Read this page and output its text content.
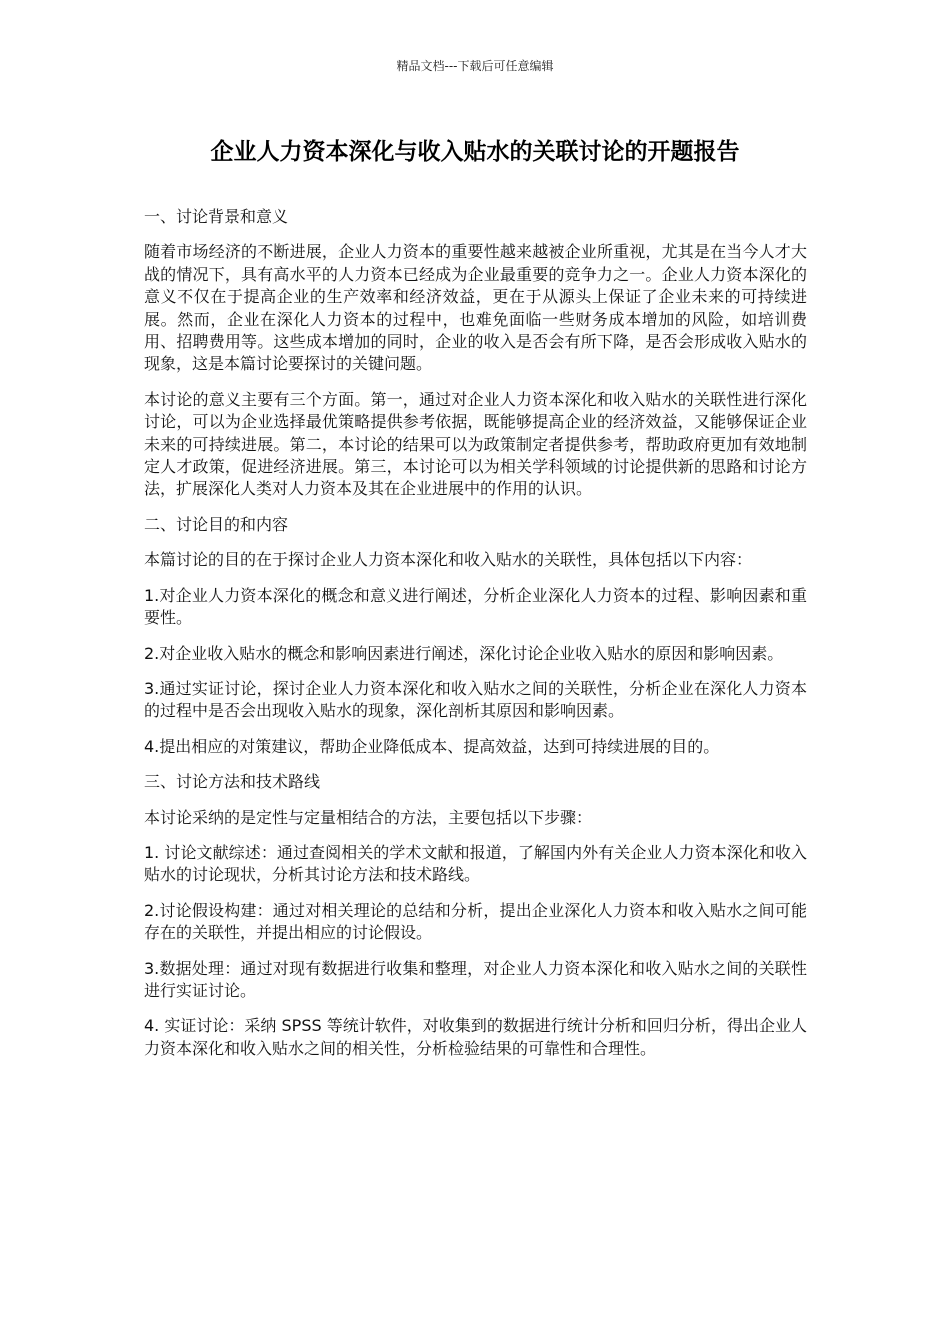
精品文档---下载后可任意编辑
企业人力资本深化与收入贴水的关联讨论的开题报告

一、讨论背景和意义

随着市场经济的不断进展，企业人力资本的重要性越来越被企业所重视，尤其是在当今人才大战的情况下，具有高水平的人力资本已经成为企业最重要的竞争力之一。企业人力资本深化的意义不仅在于提高企业的生产效率和经济效益，更在于从源头上保证了企业未来的可持续进展。然而，企业在深化人力资本的过程中，也难免面临一些财务成本增加的风险，如培训费用、招聘费用等。这些成本增加的同时，企业的收入是否会有所下降，是否会形成收入贴水的现象，这是本篇讨论要探讨的关键问题。

本讨论的意义主要有三个方面。第一，通过对企业人力资本深化和收入贴水的关联性进行深化讨论，可以为企业选择最优策略提供参考依据，既能够提高企业的经济效益，又能够保证企业未来的可持续进展。第二，本讨论的结果可以为政策制定者提供参考，帮助政府更加有效地制定人才政策，促进经济进展。第三，本讨论可以为相关学科领域的讨论提供新的思路和讨论方法，扩展深化人类对人力资本及其在企业进展中的作用的认识。

二、讨论目的和内容

本篇讨论的目的在于探讨企业人力资本深化和收入贴水的关联性，具体包括以下内容：

1.对企业人力资本深化的概念和意义进行阐述，分析企业深化人力资本的过程、影响因素和重要性。

2.对企业收入贴水的概念和影响因素进行阐述，深化讨论企业收入贴水的原因和影响因素。

3.通过实证讨论，探讨企业人力资本深化和收入贴水之间的关联性，分析企业在深化人力资本的过程中是否会出现收入贴水的现象，深化剖析其原因和影响因素。

4.提出相应的对策建议，帮助企业降低成本、提高效益，达到可持续进展的目的。

三、讨论方法和技术路线

本讨论采纳的是定性与定量相结合的方法，主要包括以下步骤：

1. 讨论文献综述：通过查阅相关的学术文献和报道，了解国内外有关企业人力资本深化和收入贴水的讨论现状，分析其讨论方法和技术路线。

2.讨论假设构建：通过对相关理论的总结和分析，提出企业深化人力资本和收入贴水之间可能存在的关联性，并提出相应的讨论假设。

3.数据处理：通过对现有数据进行收集和整理，对企业人力资本深化和收入贴水之间的关联性进行实证讨论。

4. 实证讨论：采纳 SPSS 等统计软件，对收集到的数据进行统计分析和回归分析，得出企业人力资本深化和收入贴水之间的相关性，分析检验结果的可靠性和合理性。
